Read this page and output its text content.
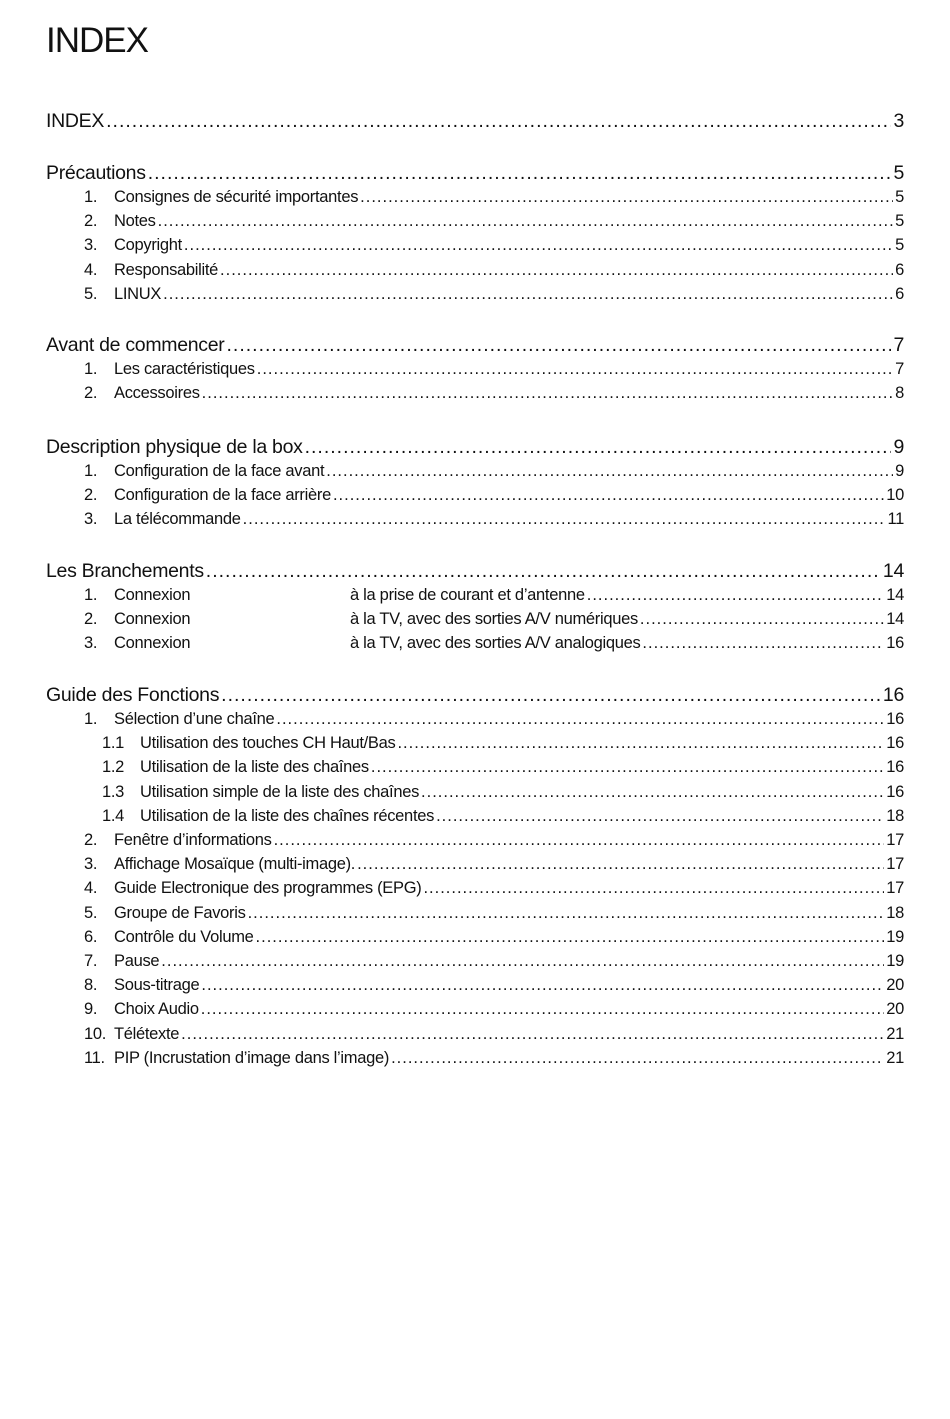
INDEX
INDEX .....	3
Précautions .....	5
1.	Consignes de sécurité importantes .....	5
2.	Notes .....	5
3.	Copyright .....	5
4.	Responsabilité .....	6
5.	LINUX .....	6
Avant de commencer .....	7
1.	Les caractéristiques .....	7
2.	Accessoires .....	8
Description physique de la box .....	9
1.	Configuration de la face avant .....	9
2.	Configuration de la face arrière .....	10
3.	La télécommande .....	11
Les Branchements .....	14
1.	Connexion	à la prise de courant et d’antenne .....	14
2.	Connexion	à la TV, avec des sorties A/V numériques .....	14
3.	Connexion	à la TV, avec des sorties A/V analogiques .....	16
Guide des Fonctions .....	16
1.	Sélection d’une chaîne .....	16
1.1 Utilisation des touches CH Haut/Bas .....	16
1.2 Utilisation de la liste des chaînes .....	16
1.3 Utilisation simple de la liste des chaînes .....	16
1.4 Utilisation de la liste des chaînes récentes .....	18
2.	Fenêtre d’informations .....	17
3.	Affichage Mosaïque (multi-image). .....	17
4.	Guide Electronique des programmes (EPG) .....	17
5.	Groupe de Favoris .....	18
6.	Contrôle du Volume .....	19
7.	Pause .....	19
8.	Sous-titrage .....	20
9.	Choix Audio .....	20
10. Télétexte .....	21
11. PIP (Incrustation d’image dans l’image) .....	21
